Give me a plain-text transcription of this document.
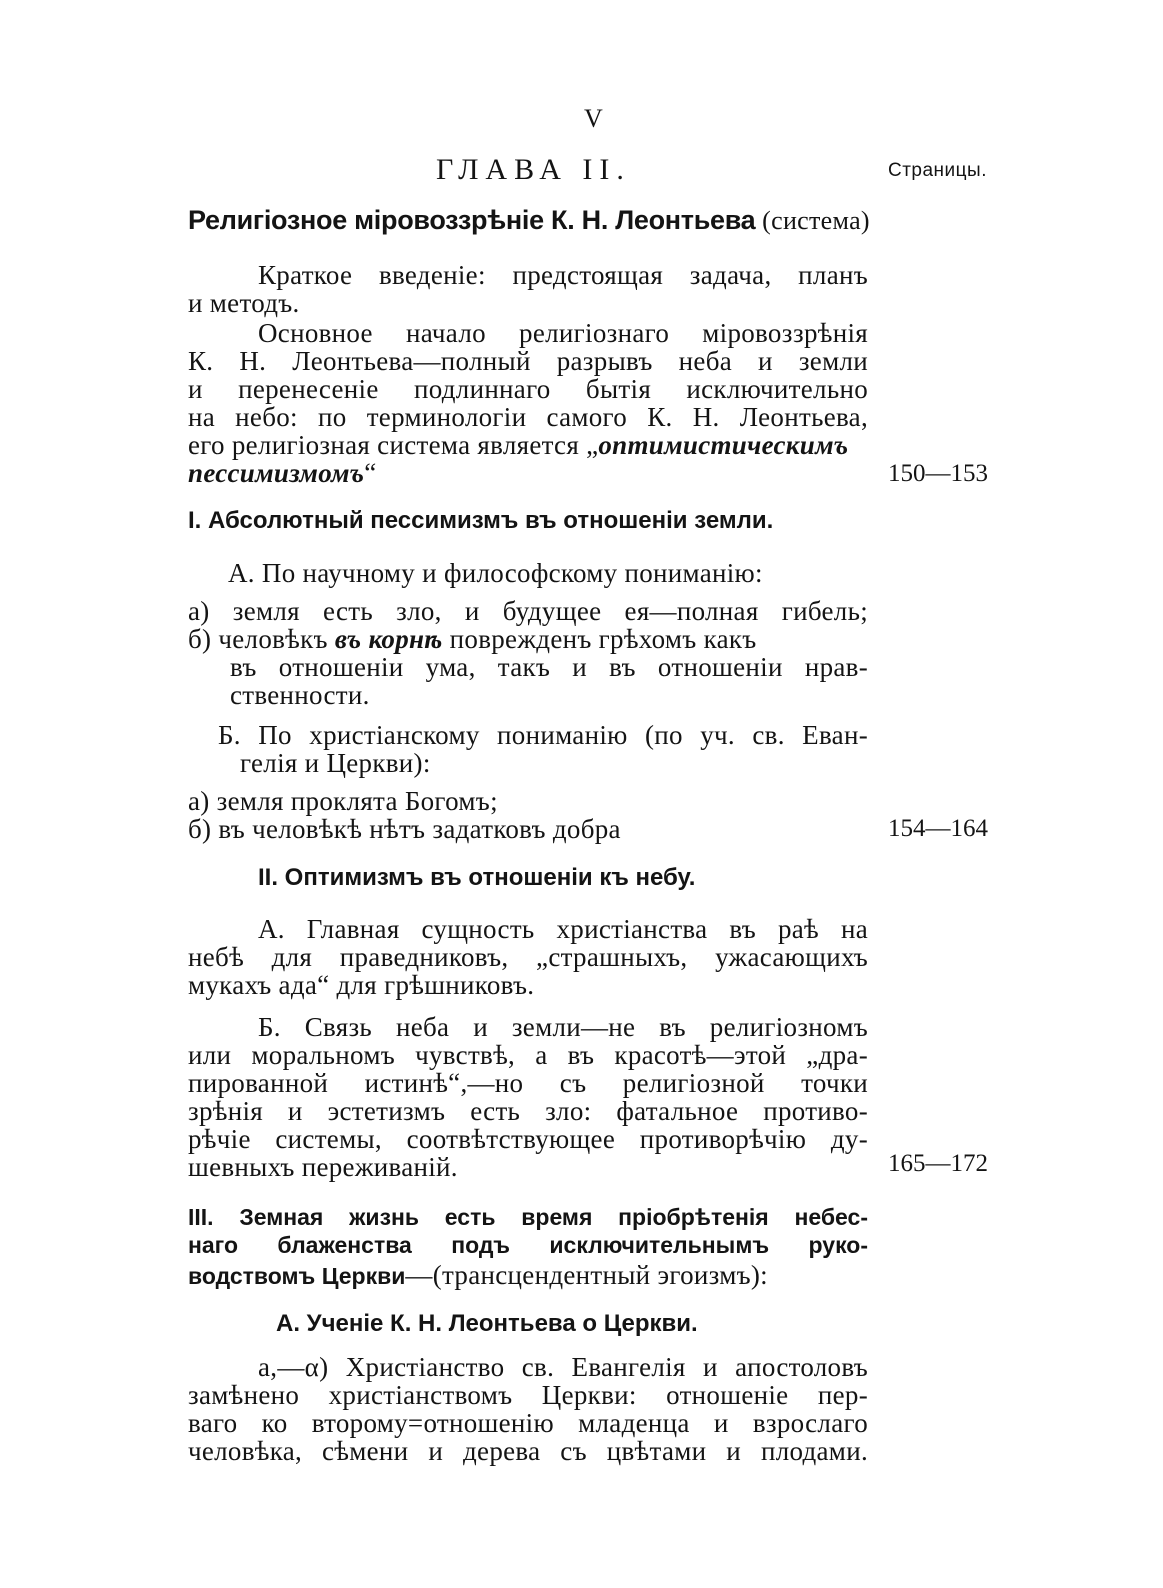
V
ГЛАВА II.	Страницы.
Религіозное міровоззрѣніе К. Н. Леонтьева (система)
Краткое введеніе: предстоящая задача, планъ
и методъ.
Основное начало религіознаго міровоззрѣнія
К. Н. Леонтьева—полный разрывъ неба и земли
и перенесеніе подлиннаго бытія исключительно
на небо: по терминологіи самого К. Н. Леонтьева,
его религіозная система является „оптимистическимъ
пессимизмомъ“	150—153
I. Абсолютный пессимизмъ въ отношеніи земли.
А. По научному и философскому пониманію:
а) земля есть зло, и будущее ея—полная гибель;
б) человѣкъ въ корнѣ поврежденъ грѣхомъ какъ
въ отношеніи ума, такъ и въ отношеніи нрав-
ственности.
Б. По христіанскому пониманію (по уч. св. Еван-
гелія и Церкви):
а) земля проклята Богомъ;
б) въ человѣкѣ нѣтъ задатковъ добра	154—164
II. Оптимизмъ въ отношеніи къ небу.
А. Главная сущность христіанства въ раѣ на
небѣ для праведниковъ, „страшныхъ, ужасающихъ
мукахъ ада“ для грѣшниковъ.
Б. Связь неба и земли—не въ религіозномъ
или моральномъ чувствѣ, а въ красотѣ—этой „дра-
пированной истинѣ“,—но съ религіозной точки
зрѣнія и эстетизмъ есть зло: фатальное противо-
рѣчіе системы, соотвѣтствующее противорѣчію ду-
шевныхъ переживаній.	165—172
III. Земная жизнь есть время пріобрѣтенія небес-
наго блаженства подъ исключительнымъ руко-
водствомъ Церкви—(трансцендентный эгоизмъ):
А. Ученіе К. Н. Леонтьева о Церкви.
а,—α) Христіанство св. Евангелія и апостоловъ
замѣнено христіанствомъ Церкви: отношеніе пер-
ваго ко второму=отношенію младенца и взрослаго
человѣка, сѣмени и дерева съ цвѣтами и плодами.
